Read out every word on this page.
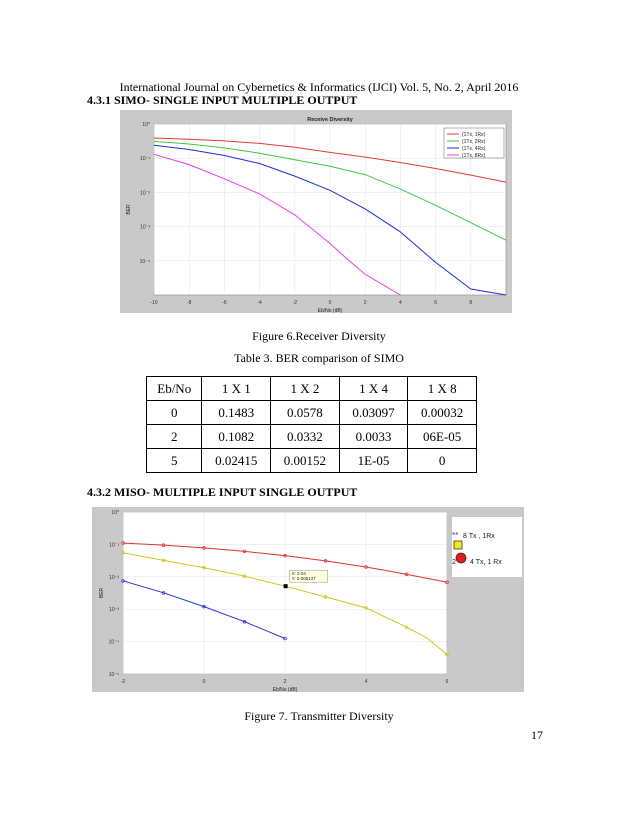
International Journal on Cybernetics & Informatics (IJCI) Vol. 5, No. 2, April 2016
4.3.1 SIMO- SINGLE INPUT MULTIPLE OUTPUT
10⁰
10⁻¹
10⁻²
10⁻³
10⁻⁴
-10	-8	-6	-4	-2	0	2	4	6	8
Receive Diversity
Eb/No (dB)
BER
(1Tx, 1Rx)
(1Tx, 2Rx)
(1Tx, 4Rx)
(1Tx, 8Rx)
Figure 6.Receiver Diversity
Table 3. BER comparison of SIMO
Eb/No	1 X 1	1 X 2	1 X 4	1 X 8
0	0.1483	0.0578	0.03097	0.00032
2	0.1082	0.0332	0.0033	06E-05
5	0.02415	0.00152	1E-05	0
4.3.2 MISO- MULTIPLE INPUT SINGLE OUTPUT
10⁰
10⁻¹
10⁻²
10⁻³
10⁻⁴
10⁻⁵
-2	0	2	4	6
Eb/No (dB)
BER
X: 2.04
Y: 0.005137
** 8 Tx , 1Rx
2 4 Tx, 1 Rx
Figure 7. Transmitter Diversity
17
